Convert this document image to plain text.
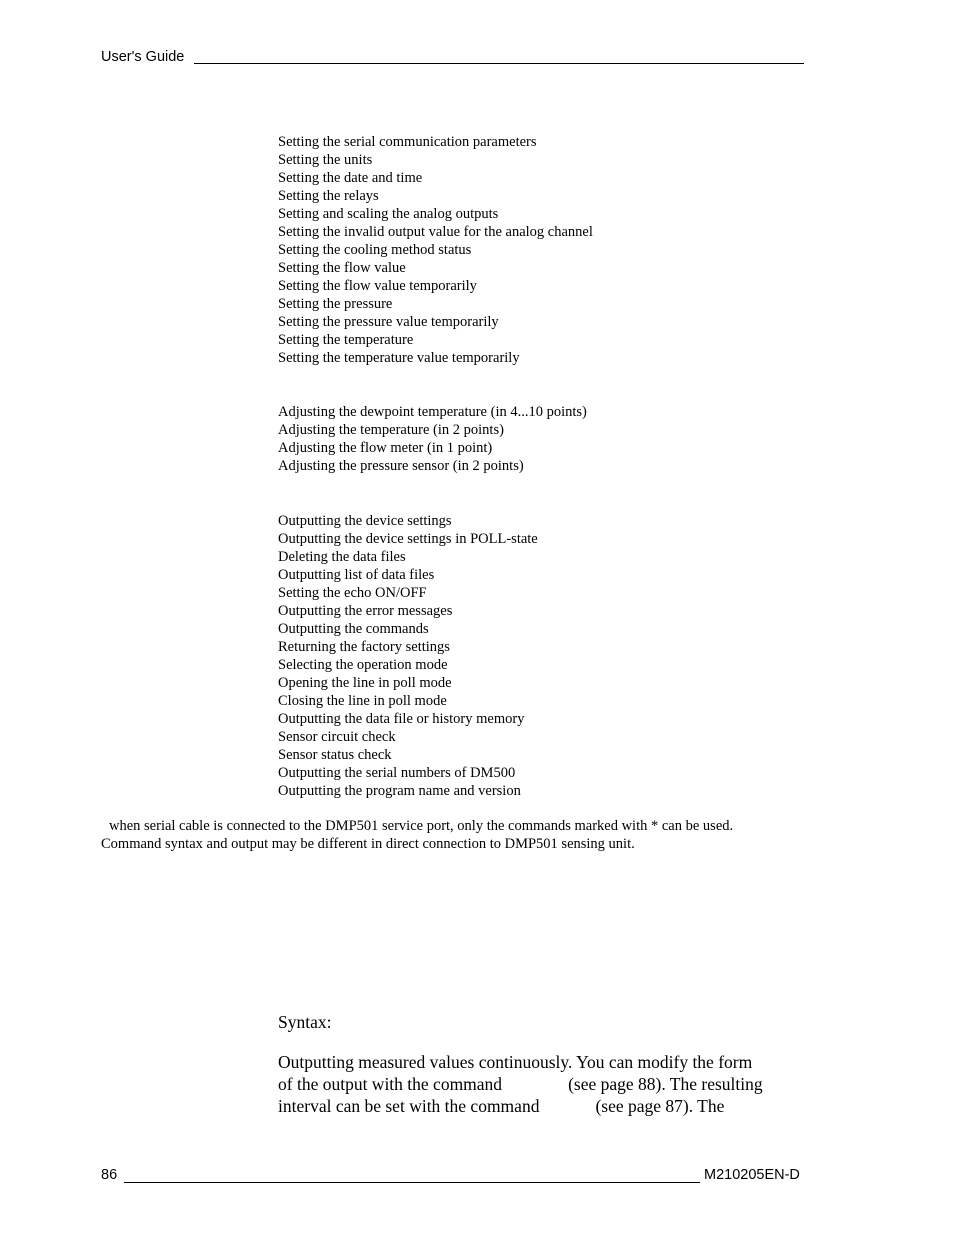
User's Guide
Setting the serial communication parameters
Setting the units
Setting the date and time
Setting the relays
Setting and scaling the analog outputs
Setting the invalid output value for the analog channel
Setting the cooling method status
Setting the flow value
Setting the flow value temporarily
Setting the pressure
Setting the pressure value temporarily
Setting the temperature
Setting the temperature value temporarily
Adjusting the dewpoint temperature (in 4...10 points)
Adjusting the temperature (in 2 points)
Adjusting the flow meter (in 1 point)
Adjusting the pressure sensor (in 2 points)
Outputting the device settings
Outputting the device settings in POLL-state
Deleting the data files
Outputting list of data files
Setting the echo ON/OFF
Outputting the error messages
Outputting the commands
Returning the factory settings
Selecting the operation mode
Opening the line in poll mode
Closing the line in poll mode
Outputting the data file or history memory
Sensor circuit check
Sensor status check
Outputting the serial numbers of DM500
Outputting the program name and version
when serial cable is connected to the DMP501 service port, only the commands marked with * can be used.
Command syntax and output may be different in direct connection to DMP501 sensing unit.
Syntax:
Outputting measured values continuously. You can modify the form
of the output with the command	(see page 88). The resulting
interval can be set with the command	(see page 87). The
86	M210205EN-D
